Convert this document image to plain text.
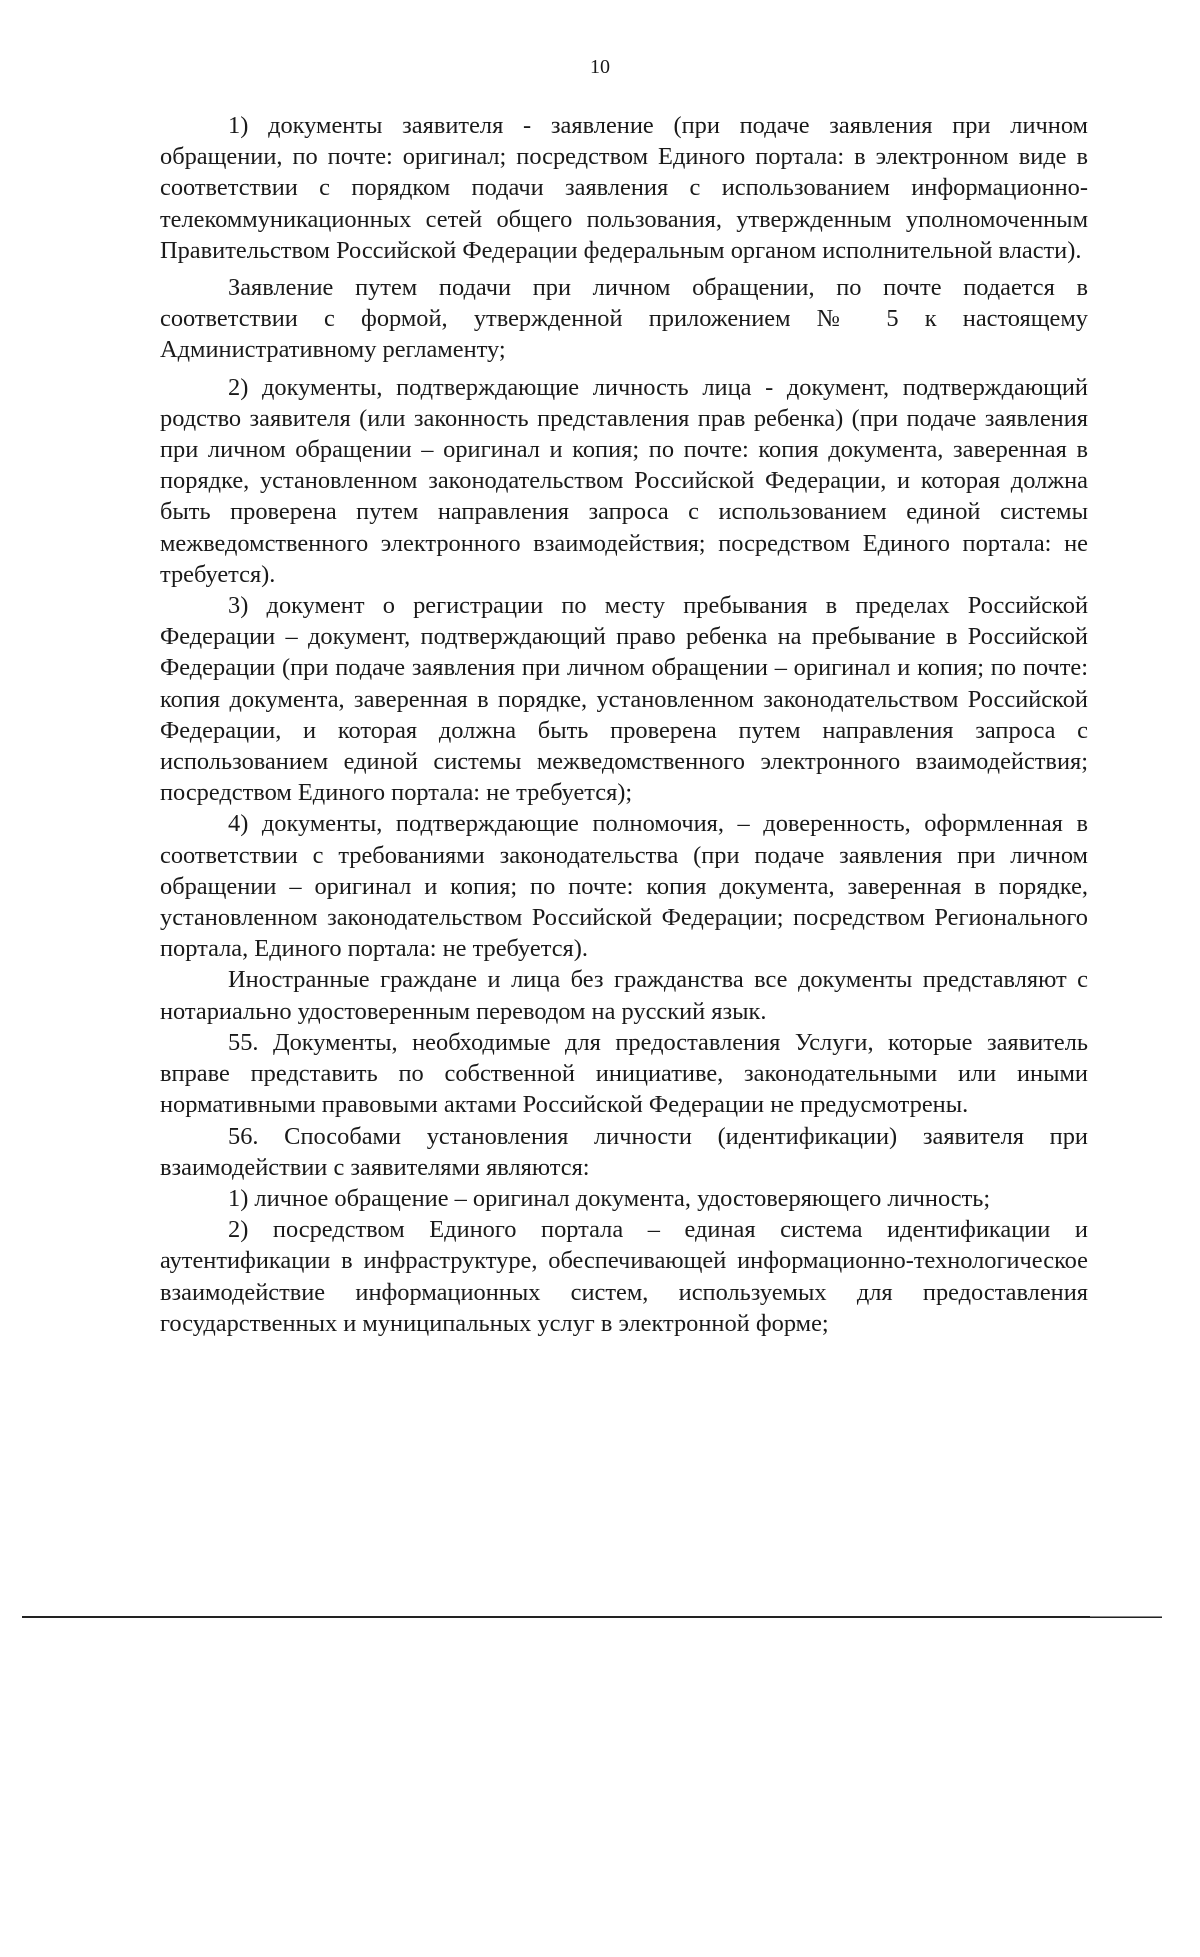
10

1) документы заявителя - заявление (при подаче заявления при личном обращении, по почте: оригинал; посредством Единого портала: в электронном виде в соответствии с порядком подачи заявления с использованием информационно-телекоммуникационных сетей общего пользования, утвержденным уполномоченным Правительством Российской Федерации федеральным органом исполнительной власти).

Заявление путем подачи при личном обращении, по почте подается в соответствии с формой, утвержденной приложением № 5 к настоящему Административному регламенту;

2) документы, подтверждающие личность лица - документ, подтверждающий родство заявителя (или законность представления прав ребенка) (при подаче заявления при личном обращении – оригинал и копия; по почте: копия документа, заверенная в порядке, установленном законодательством Российской Федерации, и которая должна быть проверена путем направления запроса с использованием единой системы межведомственного электронного взаимодействия; посредством Единого портала: не требуется).

3) документ о регистрации по месту пребывания в пределах Российской Федерации – документ, подтверждающий право ребенка на пребывание в Российской Федерации (при подаче заявления при личном обращении – оригинал и копия; по почте: копия документа, заверенная в порядке, установленном законодательством Российской Федерации, и которая должна быть проверена путем направления запроса с использованием единой системы межведомственного электронного взаимодействия; посредством Единого портала: не требуется);

4) документы, подтверждающие полномочия, – доверенность, оформленная в соответствии с требованиями законодательства (при подаче заявления при личном обращении – оригинал и копия; по почте: копия документа, заверенная в порядке, установленном законодательством Российской Федерации; посредством Регионального портала, Единого портала: не требуется).

Иностранные граждане и лица без гражданства все документы представляют с нотариально удостоверенным переводом на русский язык.

55. Документы, необходимые для предоставления Услуги, которые заявитель вправе представить по собственной инициативе, законодательными или иными нормативными правовыми актами Российской Федерации не предусмотрены.

56. Способами установления личности (идентификации) заявителя при взаимодействии с заявителями являются:

1) личное обращение – оригинал документа, удостоверяющего личность;

2) посредством Единого портала – единая система идентификации и аутентификации в инфраструктуре, обеспечивающей информационно-технологическое взаимодействие информационных систем, используемых для предоставления государственных и муниципальных услуг в электронной форме;
